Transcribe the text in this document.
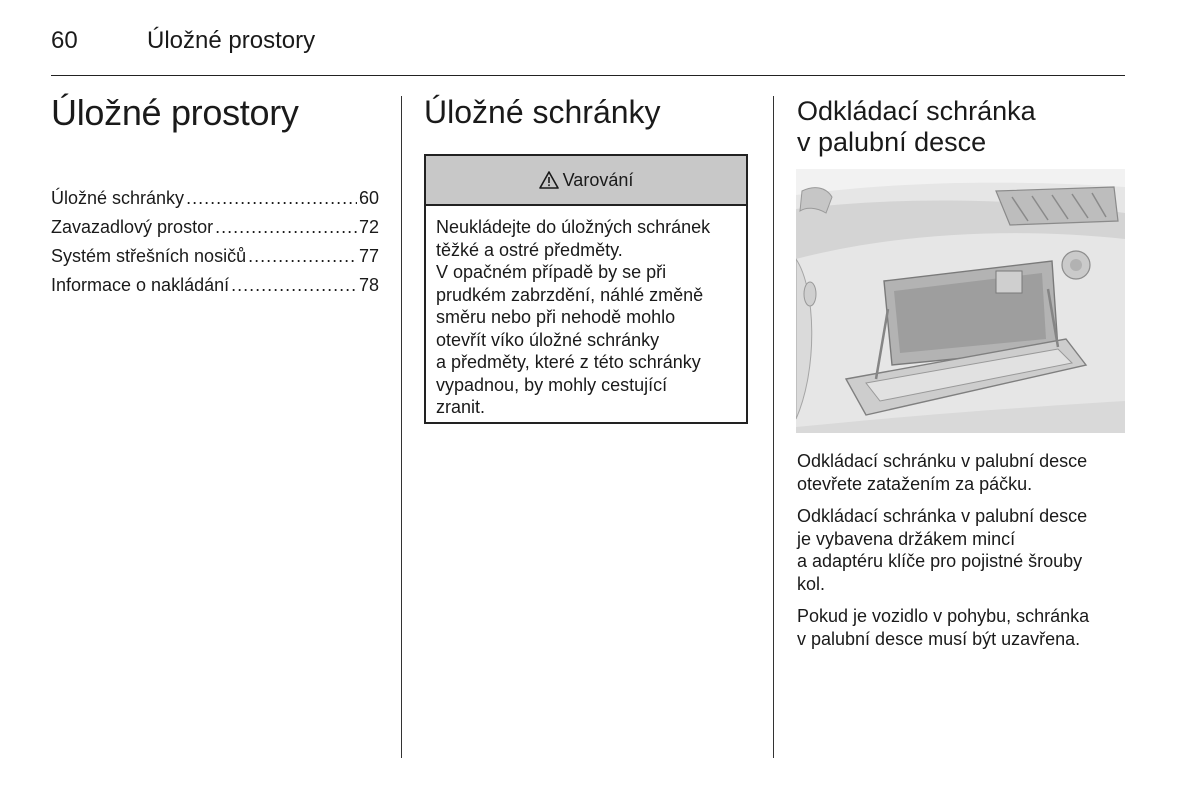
60	Úložné prostory
Úložné prostory
Úložné schránky .....	60
Zavazadlový prostor .....	72
Systém střešních nosičů .....	77
Informace o nakládání .....	78
Úložné schránky
Varování
Neukládejte do úložných schránek
těžké a ostré předměty.
V opačném případě by se při
prudkém zabrzdění, náhlé změně
směru nebo při nehodě mohlo
otevřít víko úložné schránky
a předměty, které z této schránky
vypadnou, by mohly cestující
zranit.
Odkládací schránka
v palubní desce

Odkládací schránku v palubní desce
otevřete zatažením za páčku.

Odkládací schránka v palubní desce
je vybavena držákem mincí
a adaptéru klíče pro pojistné šrouby
kol.

Pokud je vozidlo v pohybu, schránka
v palubní desce musí být uzavřena.
